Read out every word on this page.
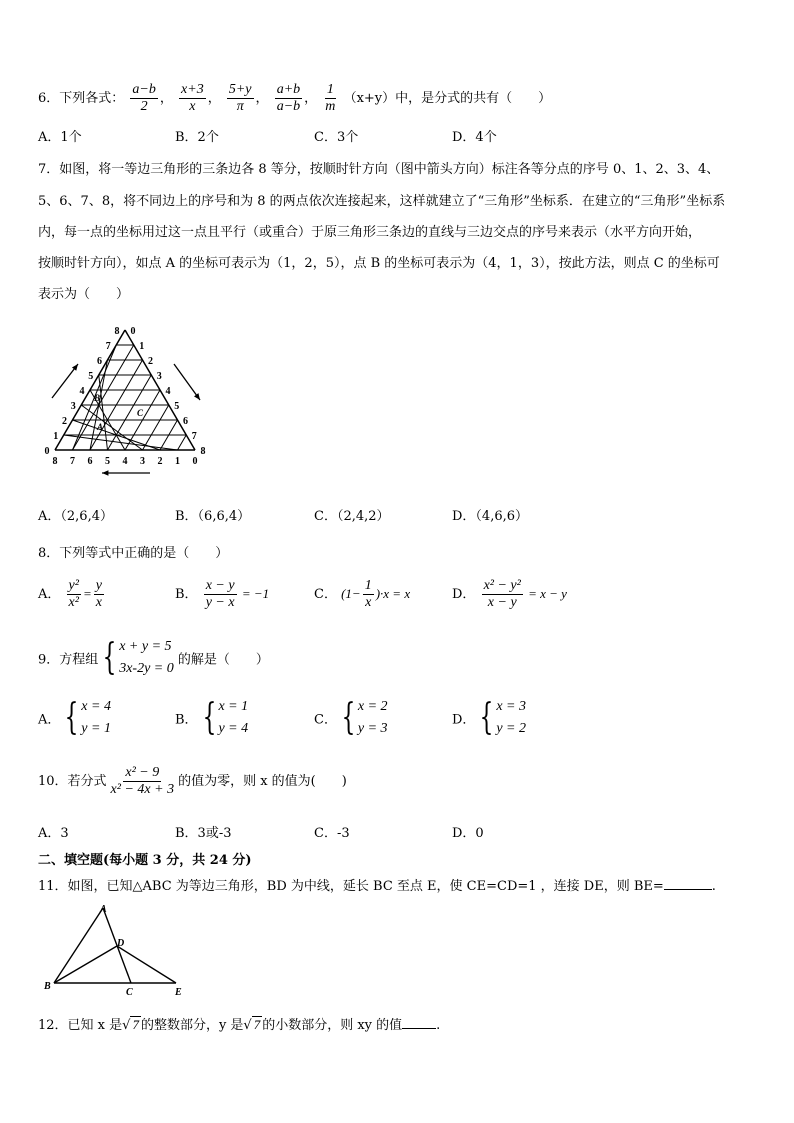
6．下列各式： $\frac{a-b}{2}$ ， $\frac{x+3}{x}$ ， $\frac{5+y}{\pi}$ ， $\frac{a+b}{a-b}$ ， $\frac{1}{m} (x+y)$中，是分式的共有（　　）
A．1个	B．2个	C．3个	D．4个
7．如图，将一等边三角形的三条边各 8 等分，按顺时针方向（图中箭头方向）标注各等分点的序号 0、1、2、3、4、
5、6、7、8，将不同边上的序号和为 8 的两点依次连接起来，这样就建立了“三角形”坐标系．在建立的“三角形”坐标系
内，每一点的坐标用过这一点且平行（或重合）于原三角形三条边的直线与三边交点的序号来表示（水平方向开始，
按顺时针方向），如点 A 的坐标可表示为（1，2，5），点 B 的坐标可表示为（4，1，3），按此方法，则点 C 的坐标可
表示为（　　）
0
1
2
3
4
5
6
7
8 0
1
2
3
4
5
6
7
8
8 7 6 5 4 3 2 1 0
B
A
C
A．（2,6,4）	B．（6,6,4）	C．（2,4,2）	D．（4,6,6）
8．下列等式中正确的是（　　）
A． $\frac{\text{y²}}{\text{x²}} = \frac{y}{x}$	B． $\frac{x - y}{y - x} = -1$	C． $(1- \frac{1}{x} )\cdot x = x$	D． $\frac{\text{x² − y²}}{x - y} = x - y$
9．方程组 { x + y = 5
3x-2y = 0
的解是（　　）
A． { x = 4
y = 1
B． { x = 1
y = 4
C． { x = 2
y = 3
D． { x = 3
y = 2
10．若分式 $\frac{\text{x² − 9}}{\text{x² − 4x + 3}}$ 的值为零，则 x 的值为(　　)
A．3	B．3或-3	C．-3	D．0
二、填空题(每小题 3 分，共 24 分)
11．如图，已知△ABC 为等边三角形，BD 为中线，延长 BC 至点 E，使 CE=CD=1 ，连接 DE，则 BE=	.
A
D
B
C	E
12．已知 x 是√ 7 的整数部分，y 是√ 7 的小数部分，则 xy 的值	.
